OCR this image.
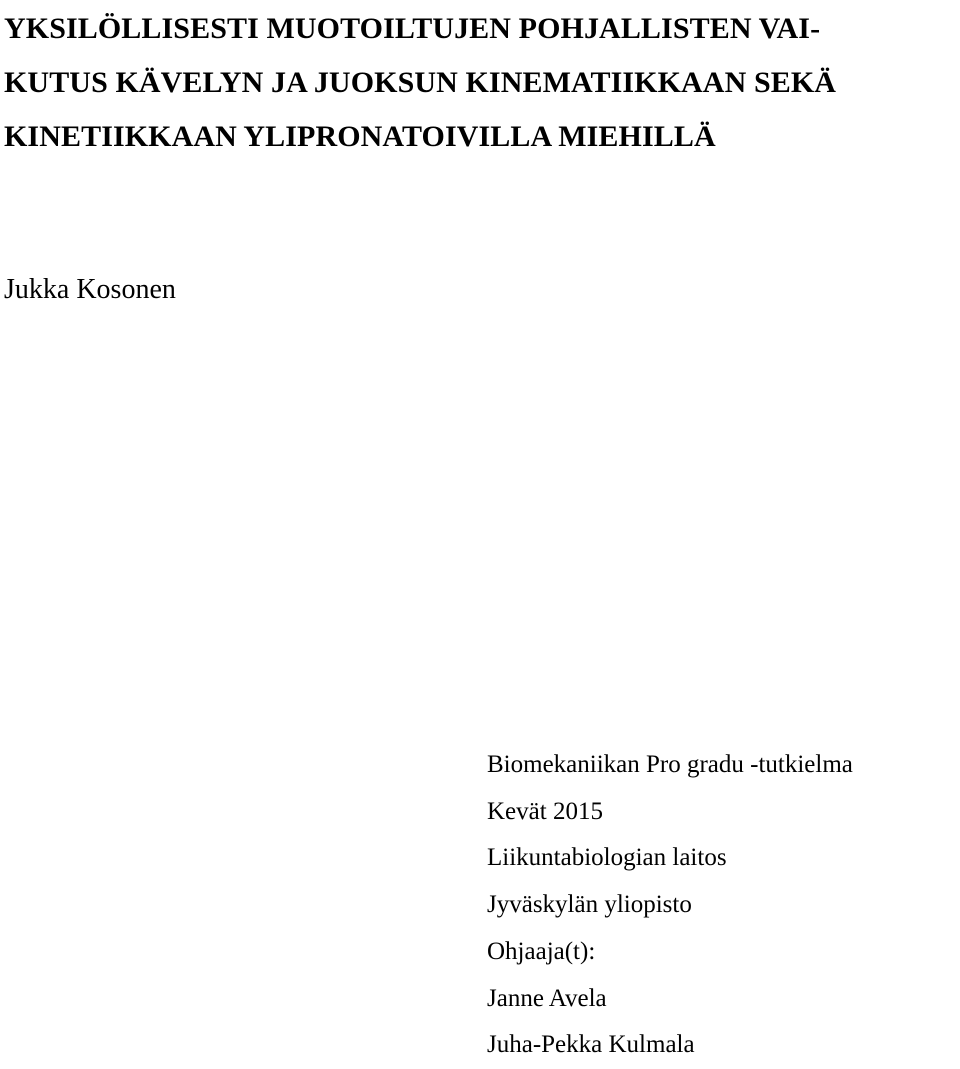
YKSILÖLLISESTI MUOTOILTUJEN POHJALLISTEN VAI-
KUTUS KÄVELYN JA JUOKSUN KINEMATIIKKAAN SEKÄ
KINETIIKKAAN YLIPRONATOIVILLA MIEHILLÄ
Jukka Kosonen
Biomekaniikan Pro gradu -tutkielma
Kevät 2015
Liikuntabiologian laitos
Jyväskylän yliopisto
Ohjaaja(t):
Janne Avela
Juha-Pekka Kulmala
